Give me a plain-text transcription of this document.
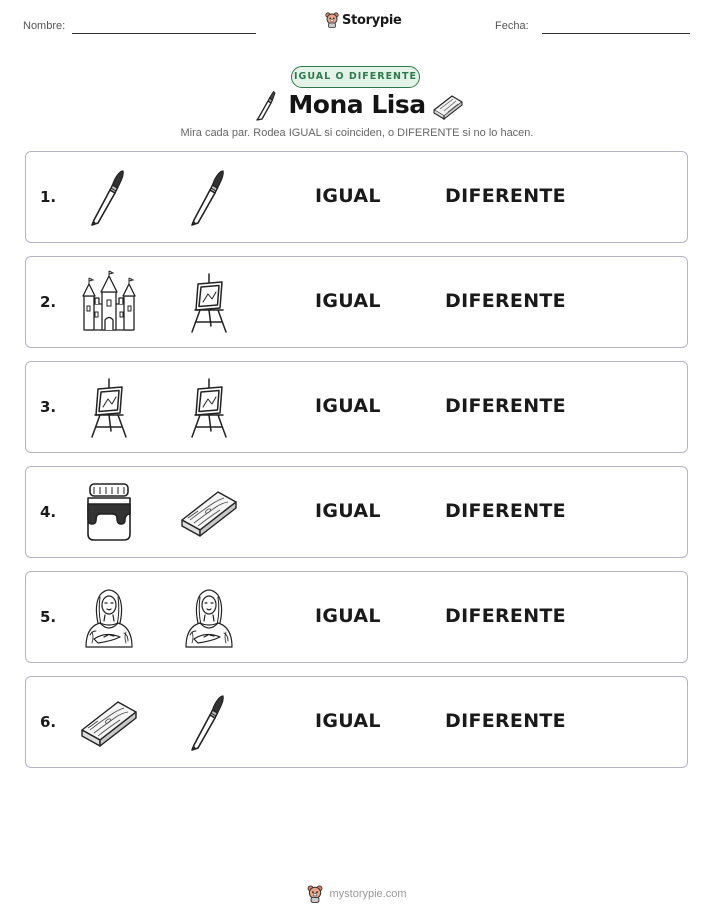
Nombre:	Storypie	Fecha:
IGUAL O DIFERENTE
Mona Lisa
Mira cada par. Rodea IGUAL si coinciden, o DIFERENTE si no lo hacen.
1.	IGUAL	DIFERENTE
2.	IGUAL	DIFERENTE
3.	IGUAL	DIFERENTE
4.	IGUAL	DIFERENTE
5.	IGUAL	DIFERENTE
6.	IGUAL	DIFERENTE
mystorypie.com
